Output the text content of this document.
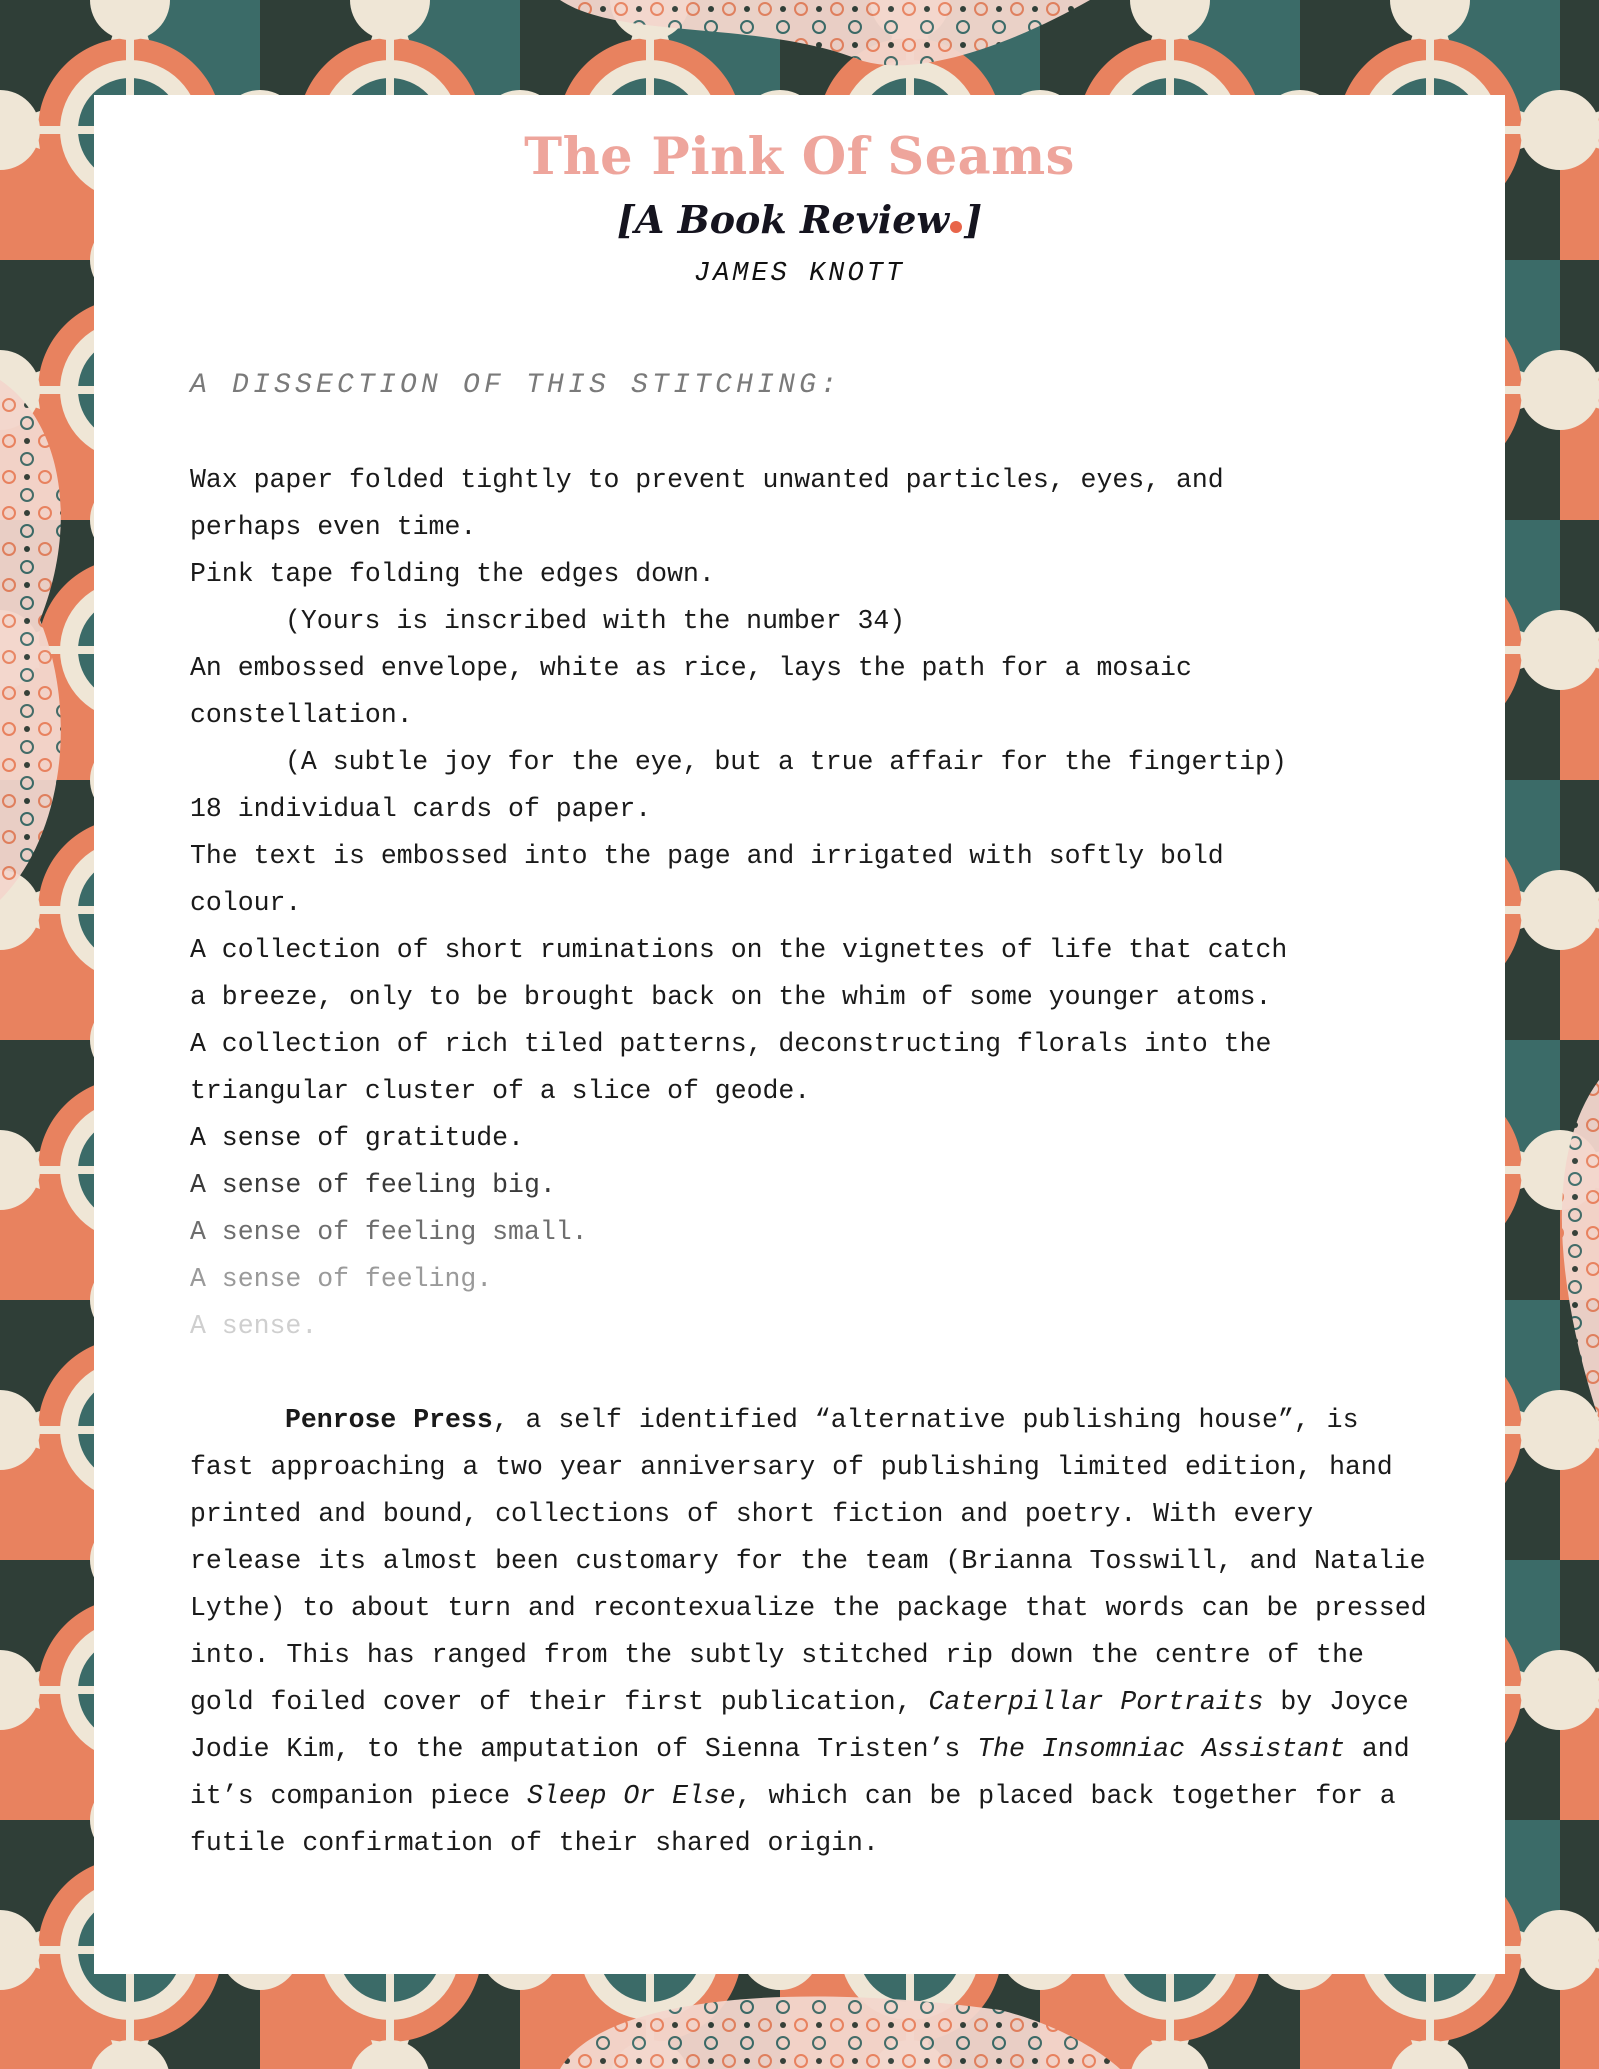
The Pink Of Seams
[A Book Review ]
JAMES KNOTT
A DISSECTION OF THIS STITCHING:
Wax paper folded tightly to prevent unwanted particles, eyes, and
perhaps even time.
Pink tape folding the edges down.
(Yours is inscribed with the number 34)
An embossed envelope, white as rice, lays the path for a mosaic
constellation.
(A subtle joy for the eye, but a true affair for the fingertip)
18 individual cards of paper.
The text is embossed into the page and irrigated with softly bold
colour.
A collection of short ruminations on the vignettes of life that catch
a breeze, only to be brought back on the whim of some younger atoms.
A collection of rich tiled patterns, deconstructing florals into the
triangular cluster of a slice of geode.
A sense of gratitude.
A sense of feeling big.
A sense of feeling small.
A sense of feeling.
A sense.
Penrose Press, a self identified “alternative publishing house”, is fast approaching a two year anniversary of publishing limited edition, hand printed and bound, collections of short fiction and poetry. With every release its almost been customary for the team (Brianna Tosswill, and Natalie Lythe) to about turn and recontexualize the package that words can be pressed into. This has ranged from the subtly stitched rip down the centre of the gold foiled cover of their first publication, Caterpillar Portraits by Joyce Jodie Kim, to the amputation of Sienna Tristen’s The Insomniac Assistant and it’s companion piece Sleep Or Else, which can be placed back together for a futile confirmation of their shared origin.
